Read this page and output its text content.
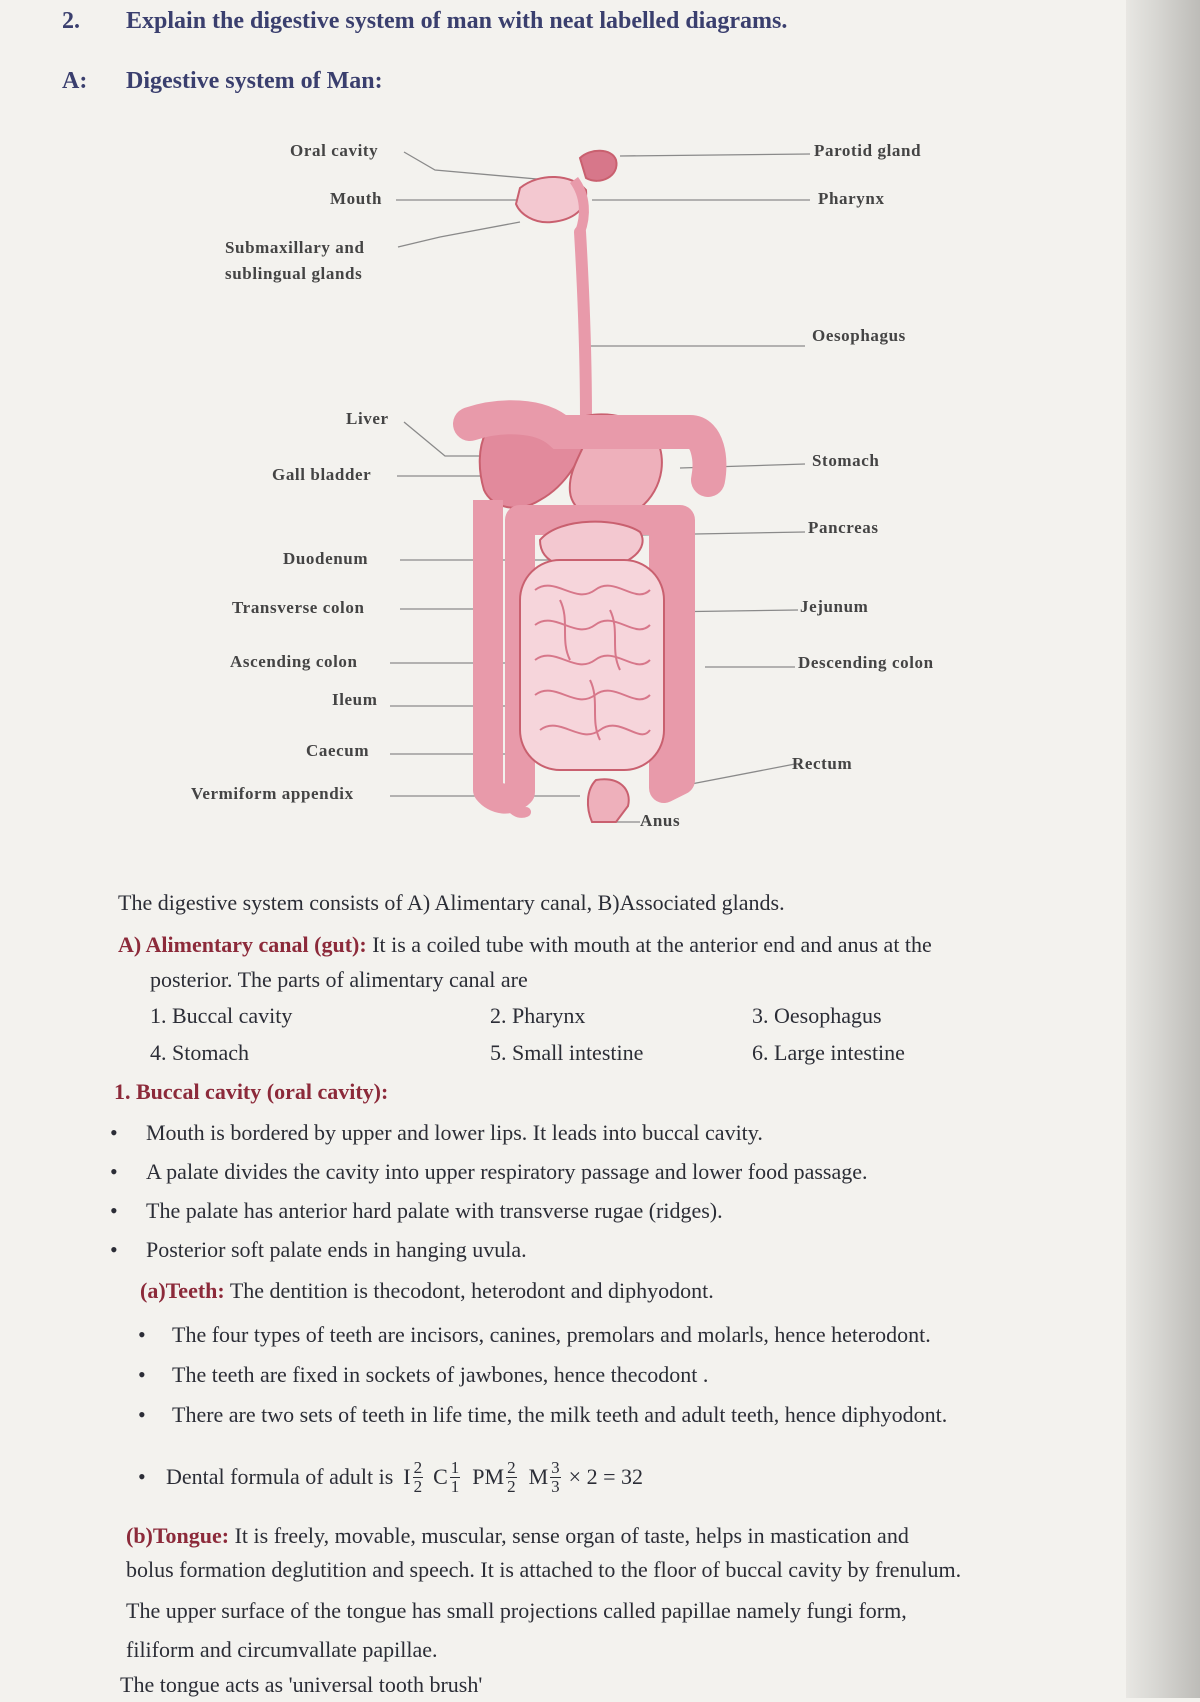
2. Explain the digestive system of man with neat labelled diagrams.
A: Digestive system of Man:
Oral cavity
Mouth
Submaxillary and
sublingual glands
Liver
Gall bladder
Duodenum
Transverse colon
Ascending colon
Ileum
Caecum
Vermiform appendix
Parotid gland
Pharynx
Oesophagus
Stomach
Pancreas
Jejunum
Descending colon
Rectum
Anus
The digestive system consists of A) Alimentary canal, B)Associated glands.
A) Alimentary canal (gut): It is a coiled tube with mouth at the anterior end and anus at the
posterior. The parts of alimentary canal are
1. Buccal cavity	2. Pharynx	3. Oesophagus
4. Stomach	5. Small intestine	6. Large intestine
1. Buccal cavity (oral cavity):
• Mouth is bordered by upper and lower lips. It leads into buccal cavity.
• A palate divides the cavity into upper respiratory passage and lower food passage.
• The palate has anterior hard palate with transverse rugae (ridges).
• Posterior soft palate ends in hanging uvula.
(a)Teeth: The dentition is thecodont, heterodont and diphyodont.
• The four types of teeth are incisors, canines, premolars and molarls, hence heterodont.
• The teeth are fixed in sockets of jawbones, hence thecodont .
• There are two sets of teeth in life time, the milk teeth and adult teeth, hence diphyodont.
• Dental formula of adult is I $\frac{2}{2}$ C $\frac{1}{1}$ PM $\frac{2}{2}$ M $\frac{3}{3} \times 2 = 32$
(b)Tongue: It is freely, movable, muscular, sense organ of taste, helps in mastication and
bolus formation deglutition and speech. It is attached to the floor of buccal cavity by frenulum.
The upper surface of the tongue has small projections called papillae namely fungi form,
filiform and circumvallate papillae.
The tongue acts as 'universal tooth brush'
